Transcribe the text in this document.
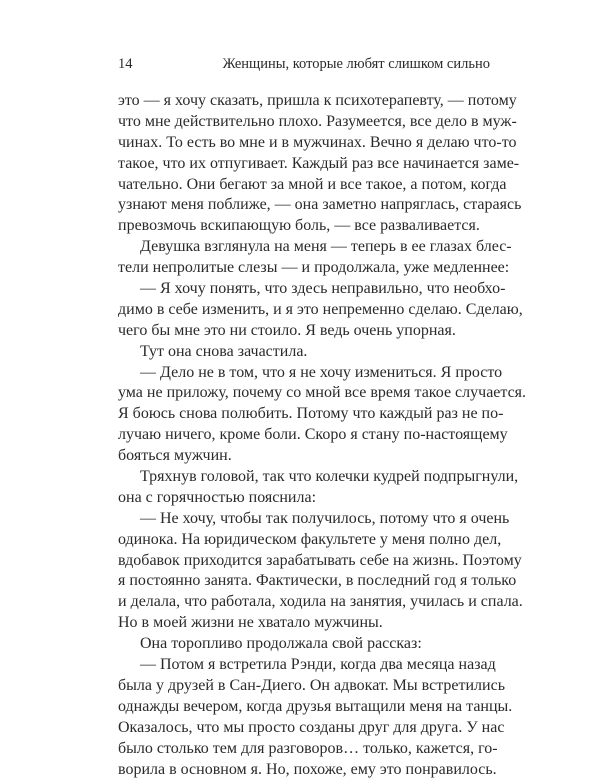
14	Женщины, которые любят слишком сильно
это — я хочу сказать, пришла к психотерапевту, — потому
что мне действительно плохо. Разумеется, все дело в муж-
чинах. То есть во мне и в мужчинах. Вечно я делаю что-то
такое, что их отпугивает. Каждый раз все начинается заме-
чательно. Они бегают за мной и все такое, а потом, когда
узнают меня поближе, — она заметно напряглась, стараясь
превозмочь вскипающую боль, — все разваливается.
Девушка взглянула на меня — теперь в ее глазах блес-
тели непролитые слезы — и продолжала, уже медленнее:
— Я хочу понять, что здесь неправильно, что необхо-
димо в себе изменить, и я это непременно сделаю. Сделаю,
чего бы мне это ни стоило. Я ведь очень упорная.
Тут она снова зачастила.
— Дело не в том, что я не хочу измениться. Я просто
ума не приложу, почему со мной все время такое случается.
Я боюсь снова полюбить. Потому что каждый раз не по-
лучаю ничего, кроме боли. Скоро я стану по-настоящему
бояться мужчин.
Тряхнув головой, так что колечки кудрей подпрыгнули,
она с горячностью пояснила:
— Не хочу, чтобы так получилось, потому что я очень
одинока. На юридическом факультете у меня полно дел,
вдобавок приходится зарабатывать себе на жизнь. Поэтому
я постоянно занята. Фактически, в последний год я только
и делала, что работала, ходила на занятия, училась и спала.
Но в моей жизни не хватало мужчины.
Она торопливо продолжала свой рассказ:
— Потом я встретила Рэнди, когда два месяца назад
была у друзей в Сан-Диего. Он адвокат. Мы встретились
однажды вечером, когда друзья вытащили меня на танцы.
Оказалось, что мы просто созданы друг для друга. У нас
было столько тем для разговоров… только, кажется, го-
ворила в основном я. Но, похоже, ему это понравилось.
